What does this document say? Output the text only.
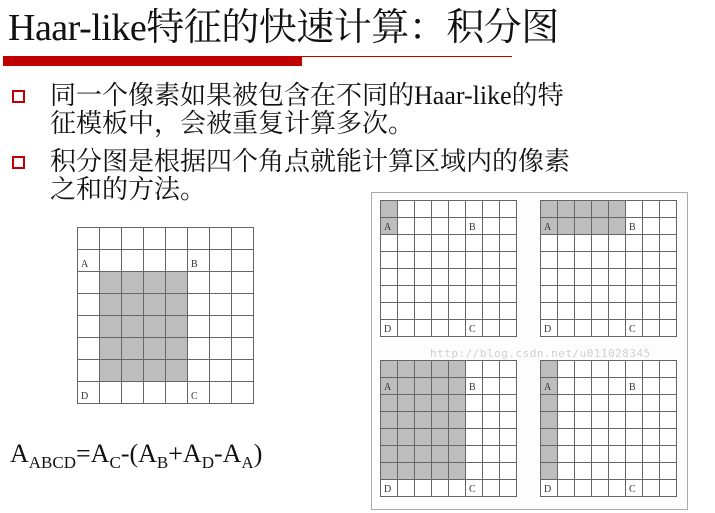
Haar-like特征的快速计算：积分图
同一个像素如果被包含在不同的Haar-like的特
征模板中，会被重复计算多次。
积分图是根据四个角点就能计算区域内的像素
之和的方法。
A	B
D	C
A	B
D	C
A	B
D	C
A	B
D	C
A	B
D	C
http://blog.csdn.net/u011028345
$A_{ABCD}=A_C-(A_B+A_D-A_A)$
